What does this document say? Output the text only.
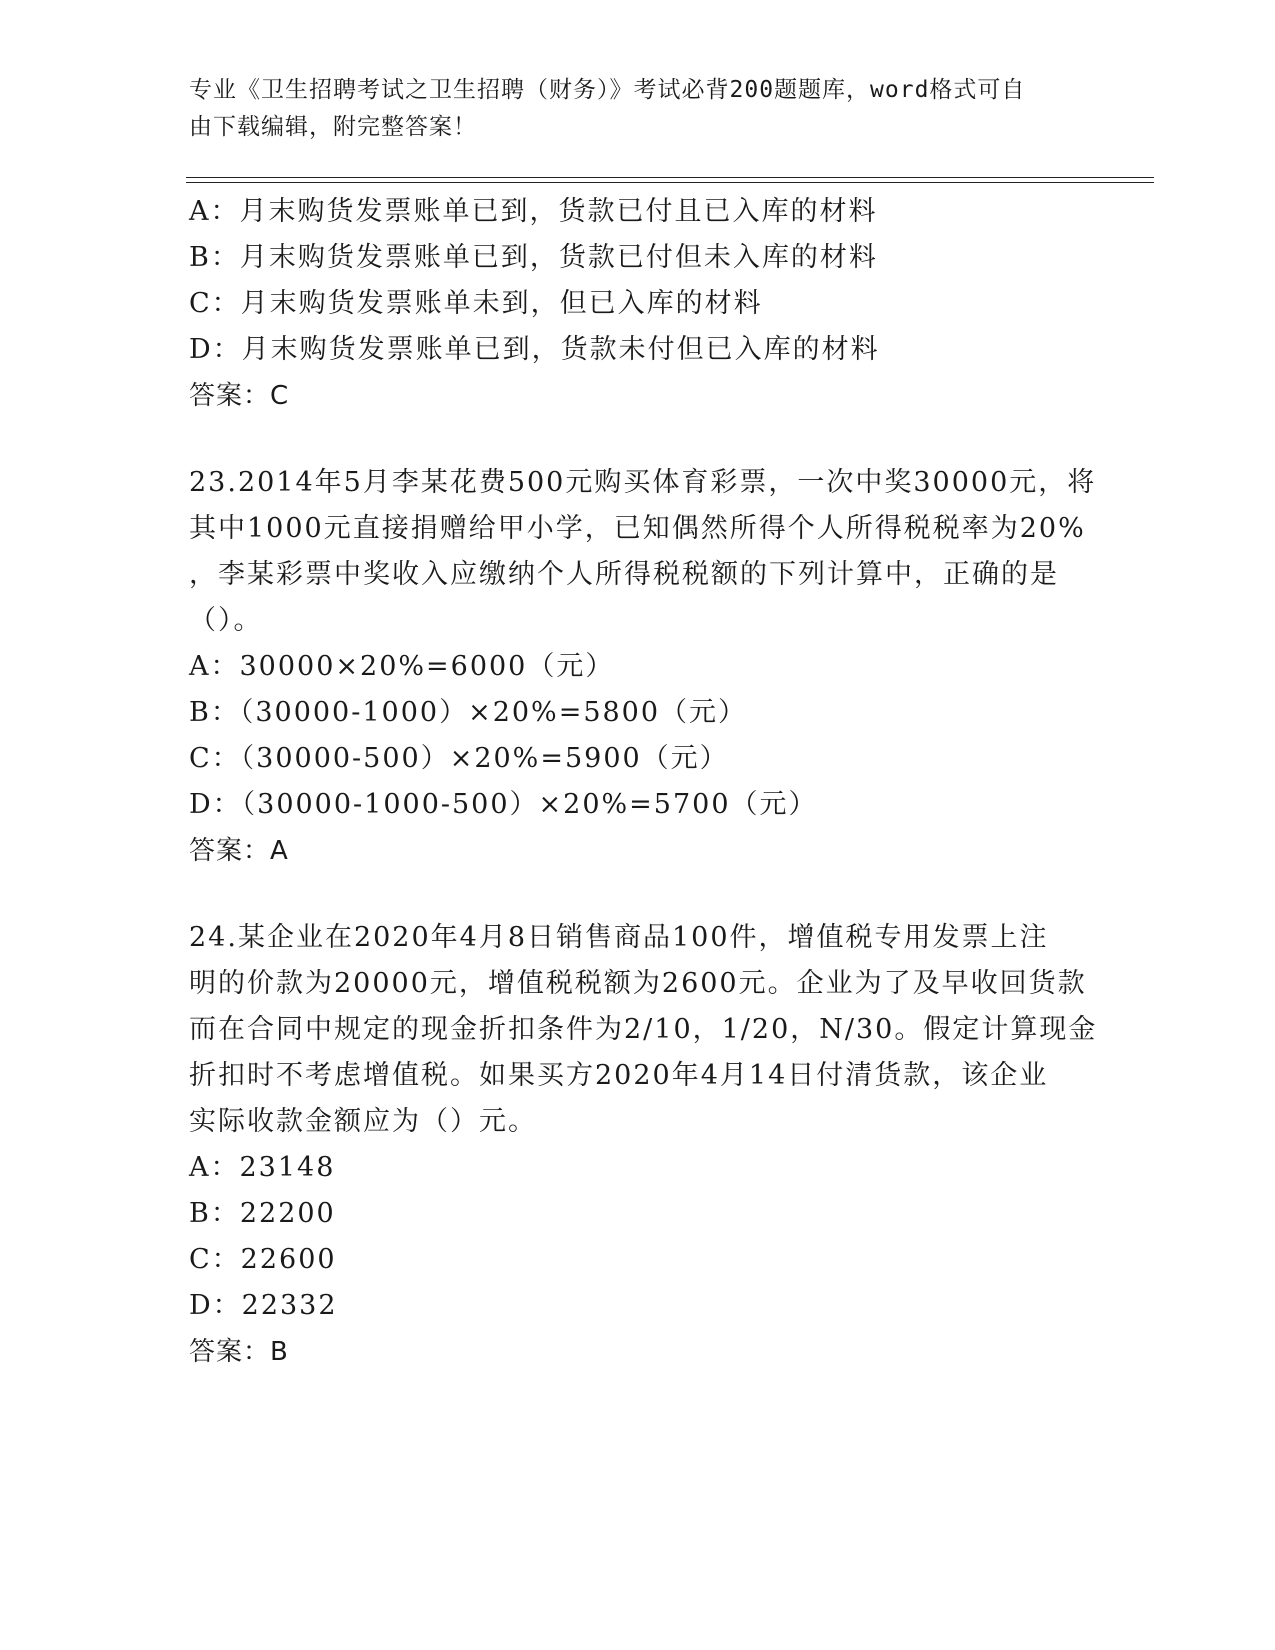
专业《卫生招聘考试之卫生招聘（财务）》考试必背200题题库，word格式可自
由下载编辑，附完整答案！
A：月末购货发票账单已到，货款已付且已入库的材料
B：月末购货发票账单已到，货款已付但未入库的材料
C：月末购货发票账单未到，但已入库的材料
D：月末购货发票账单已到，货款未付但已入库的材料
答案：C
23.2014年5月李某花费500元购买体育彩票，一次中奖30000元，将
其中1000元直接捐赠给甲小学，已知偶然所得个人所得税税率为20%
，李某彩票中奖收入应缴纳个人所得税税额的下列计算中，正确的是
（）。
A：30000×20%=6000（元）
B：（30000-1000）×20%=5800（元）
C：（30000-500）×20%=5900（元）
D：（30000-1000-500）×20%=5700（元）
答案：A
24.某企业在2020年4月8日销售商品100件，增值税专用发票上注
明的价款为20000元，增值税税额为2600元。企业为了及早收回货款
而在合同中规定的现金折扣条件为2/10，1/20，N/30。假定计算现金
折扣时不考虑增值税。如果买方2020年4月14日付清货款，该企业
实际收款金额应为（）元。
A：23148
B：22200
C：22600
D：22332
答案：B
